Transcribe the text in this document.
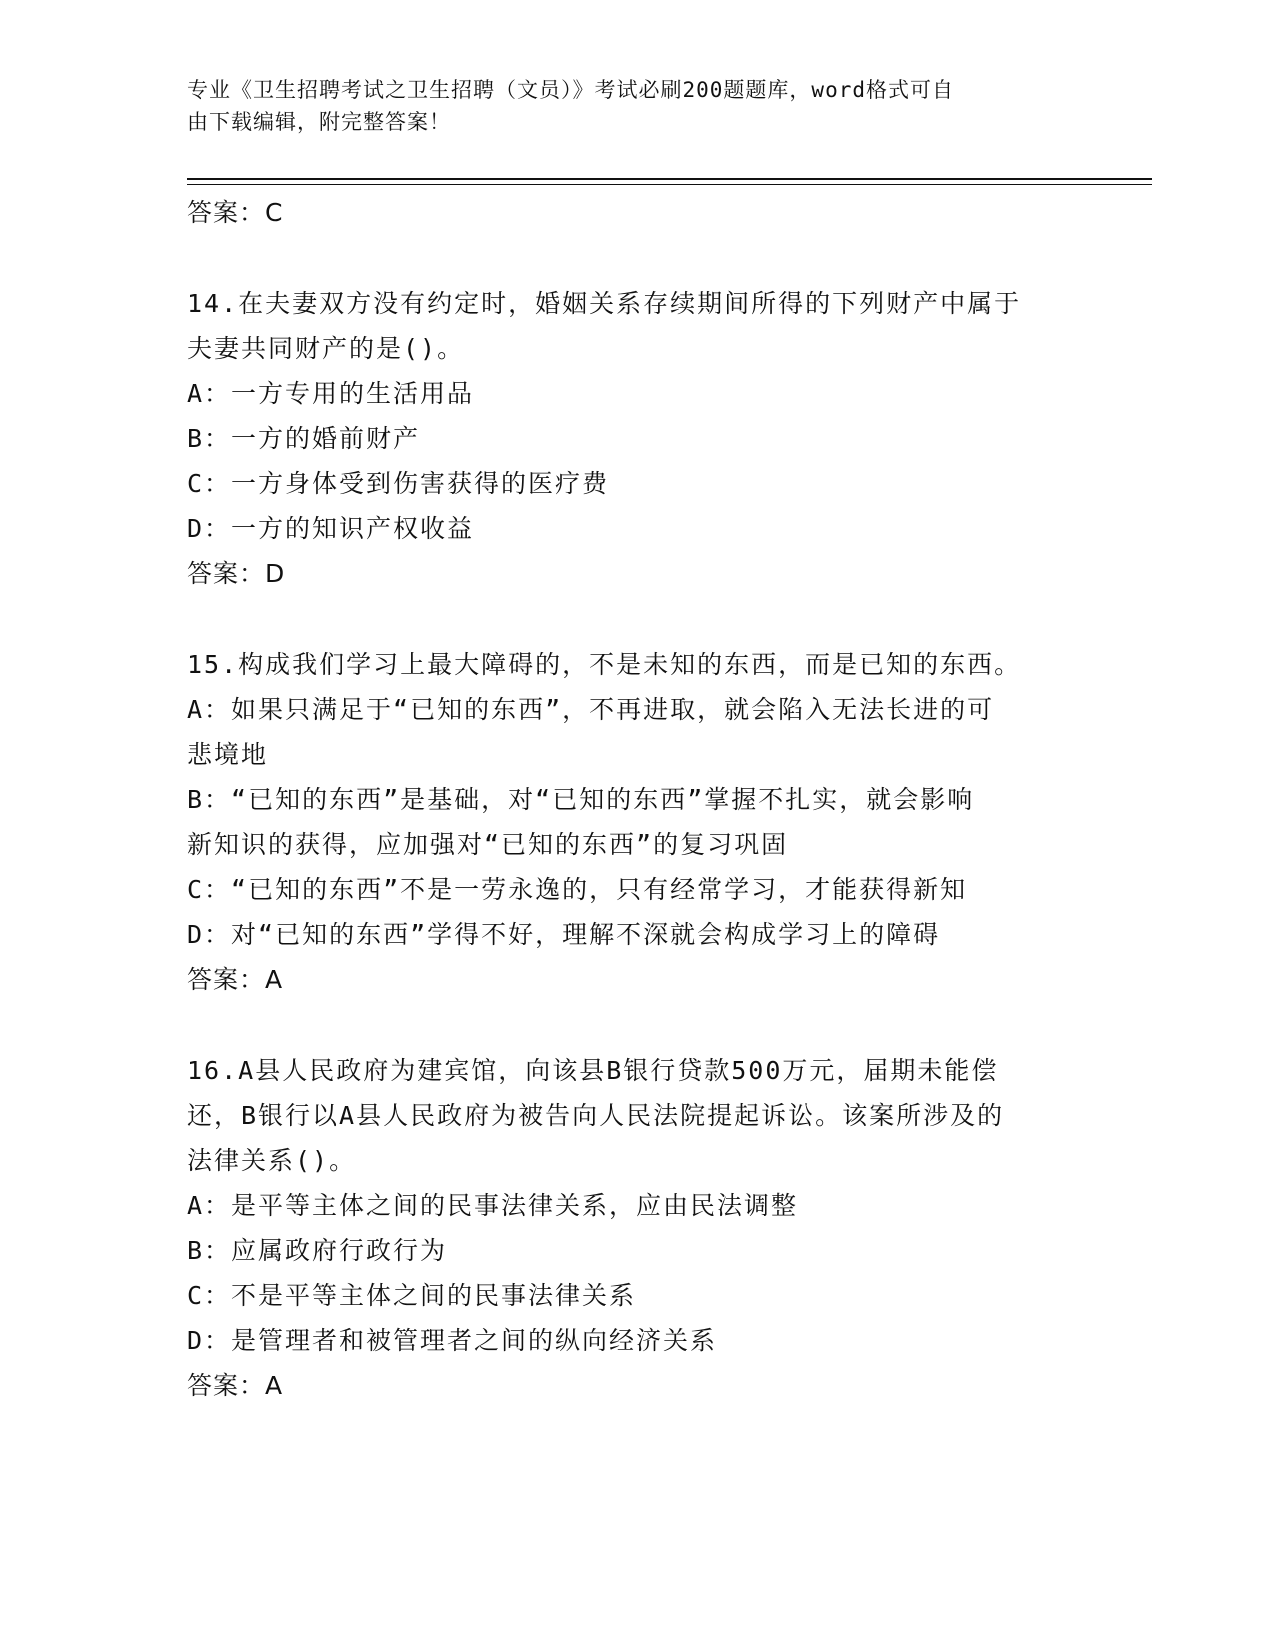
专业《卫生招聘考试之卫生招聘（文员）》考试必刷200题题库，word格式可自
由下载编辑，附完整答案！
答案：C
14.在夫妻双方没有约定时，婚姻关系存续期间所得的下列财产中属于
夫妻共同财产的是()。
A：一方专用的生活用品
B：一方的婚前财产
C：一方身体受到伤害获得的医疗费
D：一方的知识产权收益
答案：D
15.构成我们学习上最大障碍的，不是未知的东西，而是已知的东西。
A：如果只满足于“已知的东西”，不再进取，就会陷入无法长进的可
悲境地
B：“已知的东西”是基础，对“已知的东西”掌握不扎实，就会影响
新知识的获得，应加强对“已知的东西”的复习巩固
C：“已知的东西”不是一劳永逸的，只有经常学习，才能获得新知
D：对“已知的东西”学得不好，理解不深就会构成学习上的障碍
答案：A
16.A县人民政府为建宾馆，向该县B银行贷款500万元，届期未能偿
还，B银行以A县人民政府为被告向人民法院提起诉讼。该案所涉及的
法律关系()。
A：是平等主体之间的民事法律关系，应由民法调整
B：应属政府行政行为
C：不是平等主体之间的民事法律关系
D：是管理者和被管理者之间的纵向经济关系
答案：A
